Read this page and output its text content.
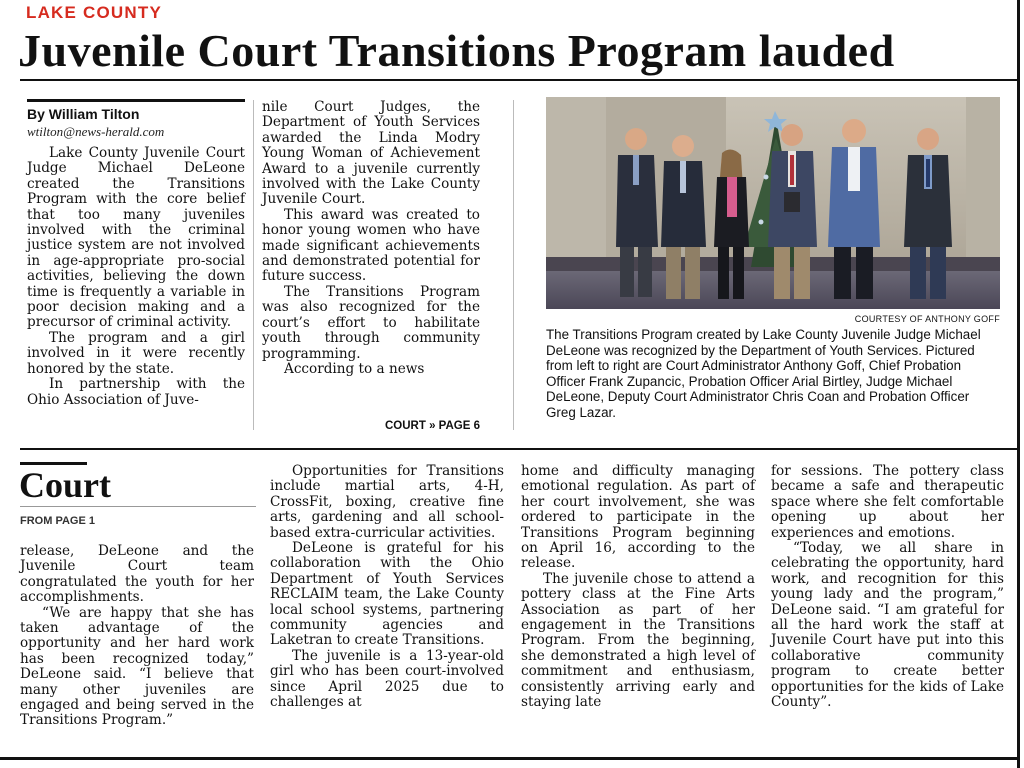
LAKE COUNTY
Juvenile Court Transitions Program lauded
By William Tilton
wtilton@news-herald.com

Lake County Juvenile Court Judge Michael DeLeone created the Transitions Program with the core belief that too many juveniles involved with the criminal justice system are not involved in age-appropriate pro-social activities, believing the down time is frequently a variable in poor decision making and a precursor of criminal activity.

The program and a girl involved in it were recently honored by the state.

In partnership with the Ohio Association of Juve-

nile Court Judges, the Department of Youth Services awarded the Linda Modry Young Woman of Achievement Award to a juvenile currently involved with the Lake County Juvenile Court.

This award was created to honor young women who have made significant achievements and demonstrated potential for future success.

The Transitions Program was also recognized for the court’s effort to habilitate youth through community programming.

According to a news

COURT » PAGE 6
COURTESY OF ANTHONY GOFF
The Transitions Program created by Lake County Juvenile Judge Michael DeLeone was recognized by the Department of Youth Services. Pictured from left to right are Court Administrator Anthony Goff, Chief Probation Officer Frank Zupancic, Probation Officer Arial Birtley, Judge Michael DeLeone, Deputy Court Administrator Chris Coan and Probation Officer Greg Lazar.
Court
FROM PAGE 1

release, DeLeone and the Juvenile Court team congratulated the youth for her accomplishments.

“We are happy that she has taken advantage of the opportunity and her hard work has been recognized today,” DeLeone said. “I believe that many other juveniles are engaged and being served in the Transitions Program.”

Opportunities for Transitions include martial arts, 4-H, CrossFit, boxing, creative fine arts, gardening and all school-based extra-curricular activities.

DeLeone is grateful for his collaboration with the Ohio Department of Youth Services RECLAIM team, the Lake County local school systems, partnering community agencies and Laketran to create Transitions.

The juvenile is a 13-year-old girl who has been court-involved since April 2025 due to challenges at

home and difficulty managing emotional regulation. As part of her court involvement, she was ordered to participate in the Transitions Program beginning on April 16, according to the release.

The juvenile chose to attend a pottery class at the Fine Arts Association as part of her engagement in the Transitions Program. From the beginning, she demonstrated a high level of commitment and enthusiasm, consistently arriving early and staying late

for sessions. The pottery class became a safe and therapeutic space where she felt comfortable opening up about her experiences and emotions.

“Today, we all share in celebrating the opportunity, hard work, and recognition for this young lady and the program,” DeLeone said. “I am grateful for all the hard work the staff at Juvenile Court have put into this collaborative community program to create better opportunities for the kids of Lake County”.
